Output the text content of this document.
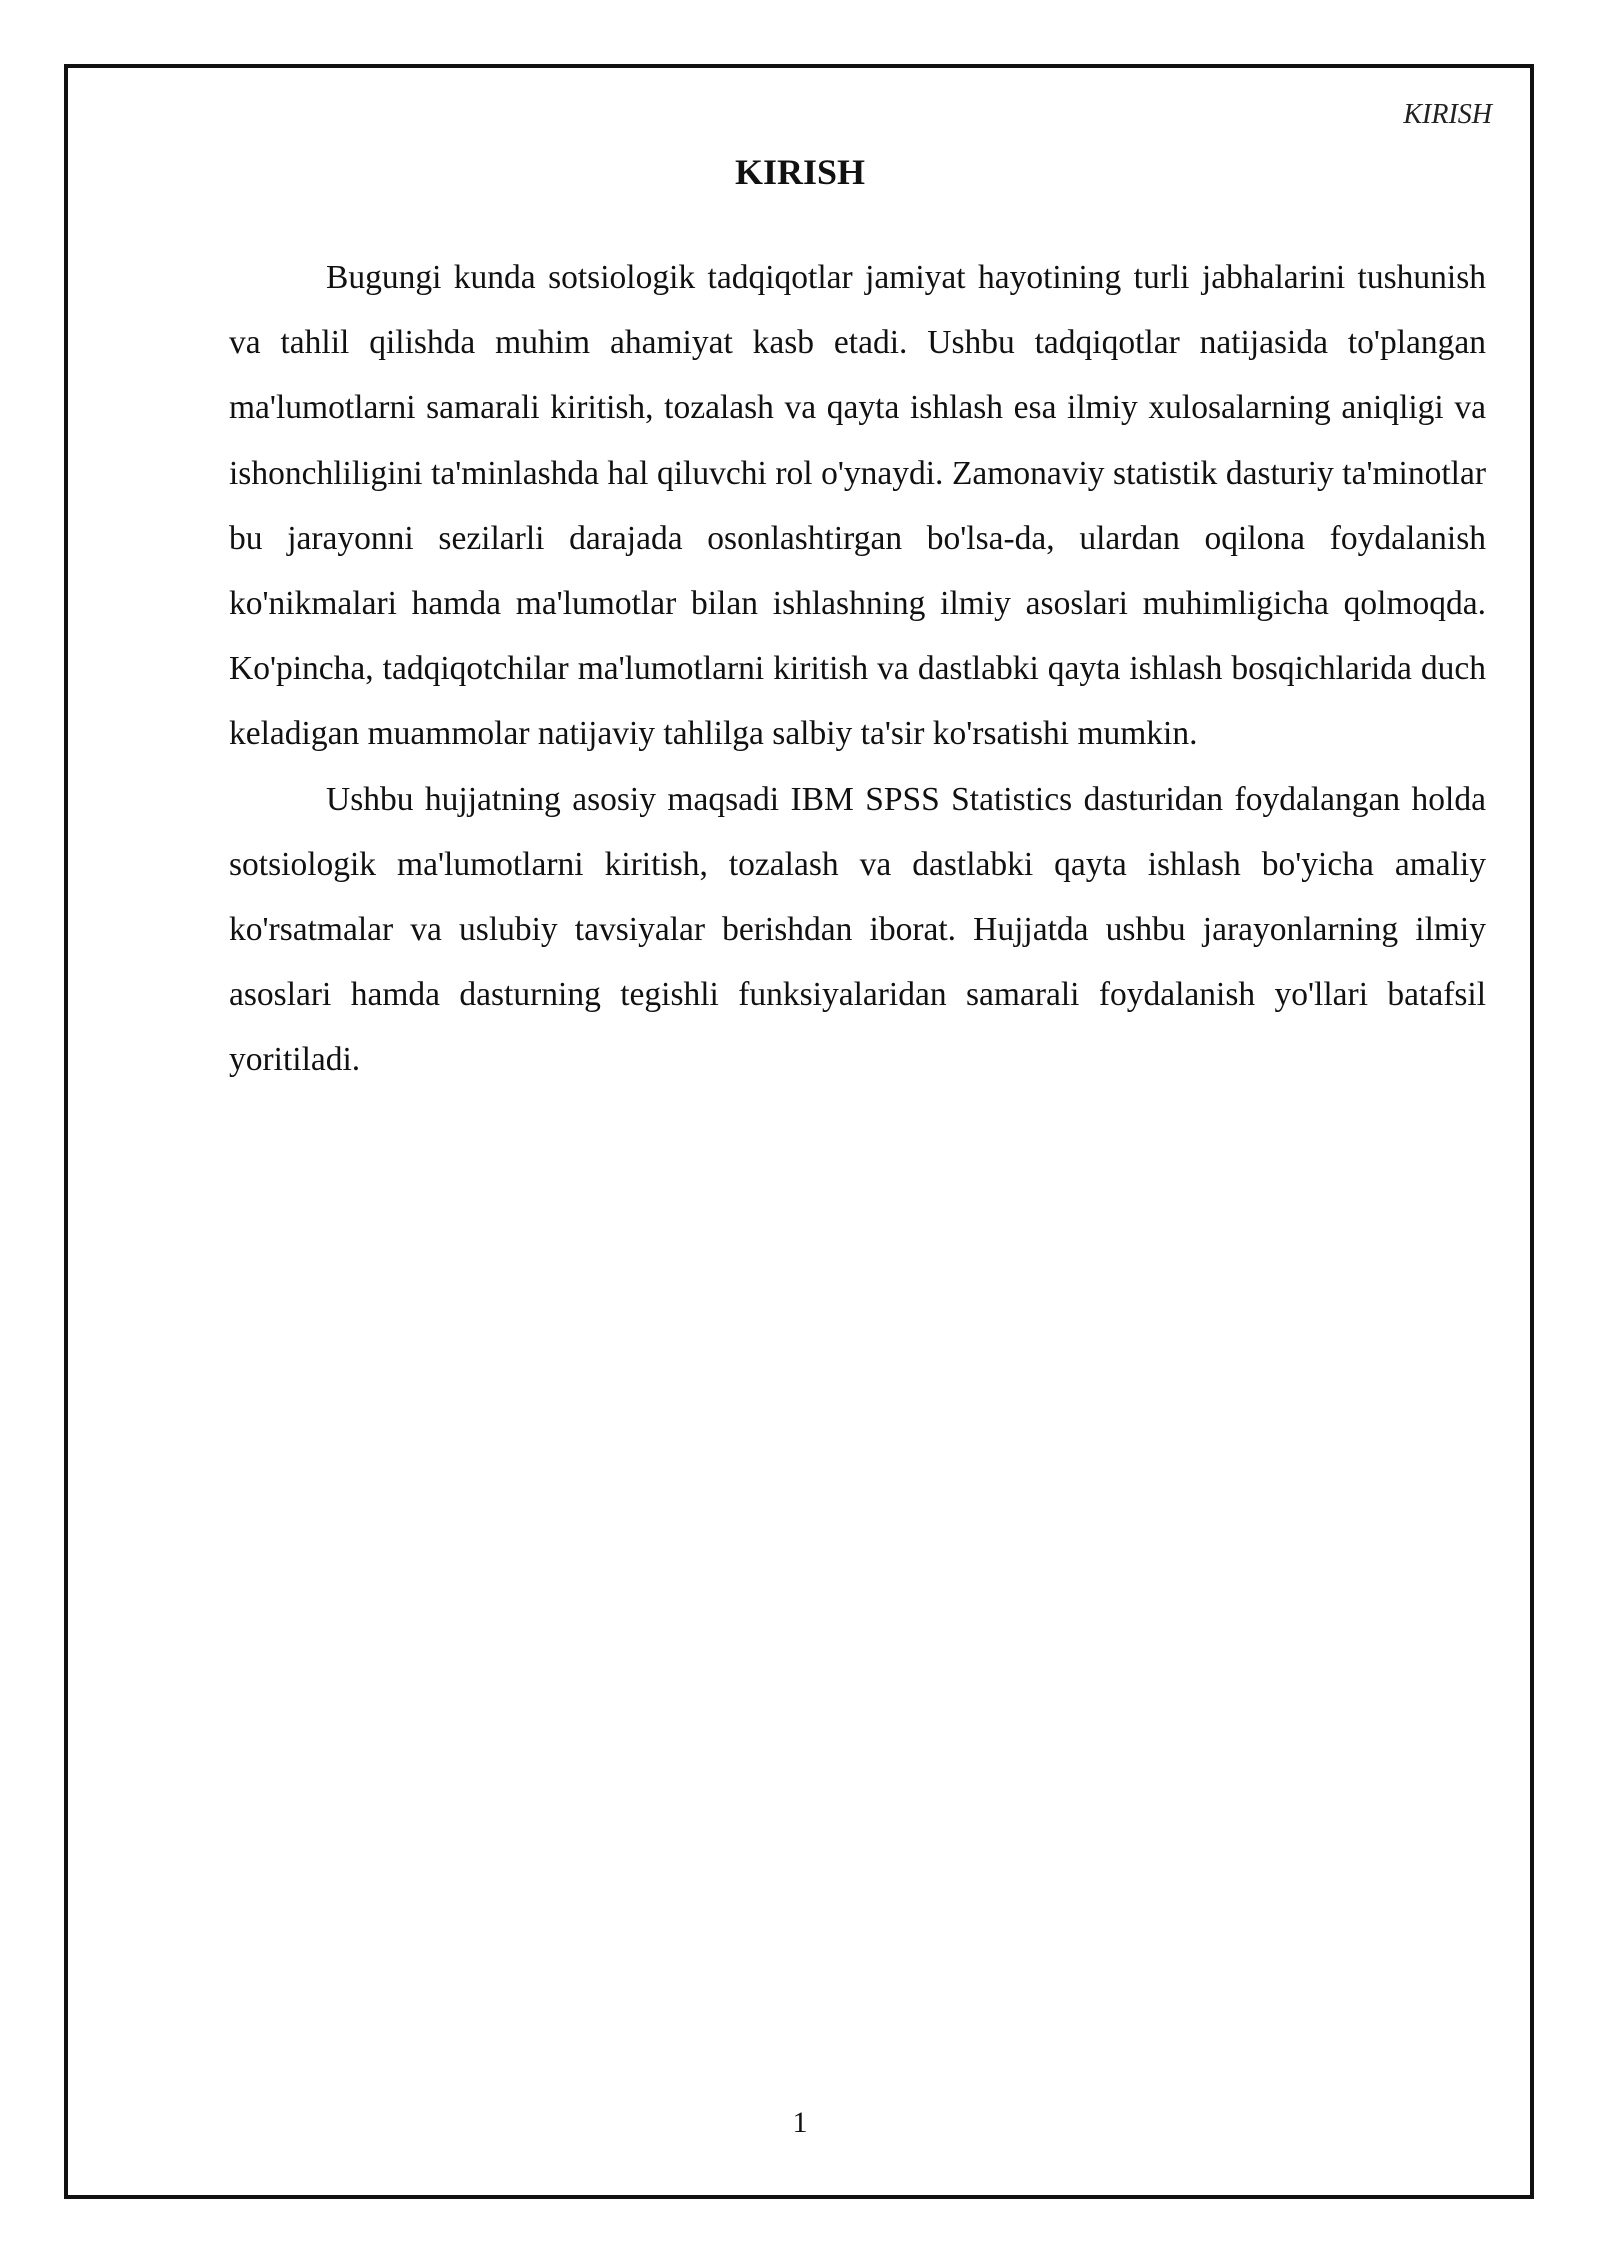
KIRISH
KIRISH

Bugungi kunda sotsiologik tadqiqotlar jamiyat hayotining turli jabhalarini tushunish va tahlil qilishda muhim ahamiyat kasb etadi. Ushbu tadqiqotlar natijasida to'plangan ma'lumotlarni samarali kiritish, tozalash va qayta ishlash esa ilmiy xulosalarning aniqligi va ishonchliligini ta'minlashda hal qiluvchi rol o'ynaydi. Zamonaviy statistik dasturiy ta'minotlar bu jarayonni sezilarli darajada osonlashtirgan bo'lsa-da, ulardan oqilona foydalanish ko'nikmalari hamda ma'lumotlar bilan ishlashning ilmiy asoslari muhimligicha qolmoqda. Ko'pincha, tadqiqotchilar ma'lumotlarni kiritish va dastlabki qayta ishlash bosqichlarida duch keladigan muammolar natijaviy tahlilga salbiy ta'sir ko'rsatishi mumkin.

Ushbu hujjatning asosiy maqsadi IBM SPSS Statistics dasturidan foydalangan holda sotsiologik ma'lumotlarni kiritish, tozalash va dastlabki qayta ishlash bo'yicha amaliy ko'rsatmalar va uslubiy tavsiyalar berishdan iborat. Hujjatda ushbu jarayonlarning ilmiy asoslari hamda dasturning tegishli funksiyalaridan samarali foydalanish yo'llari batafsil yoritiladi.

1
